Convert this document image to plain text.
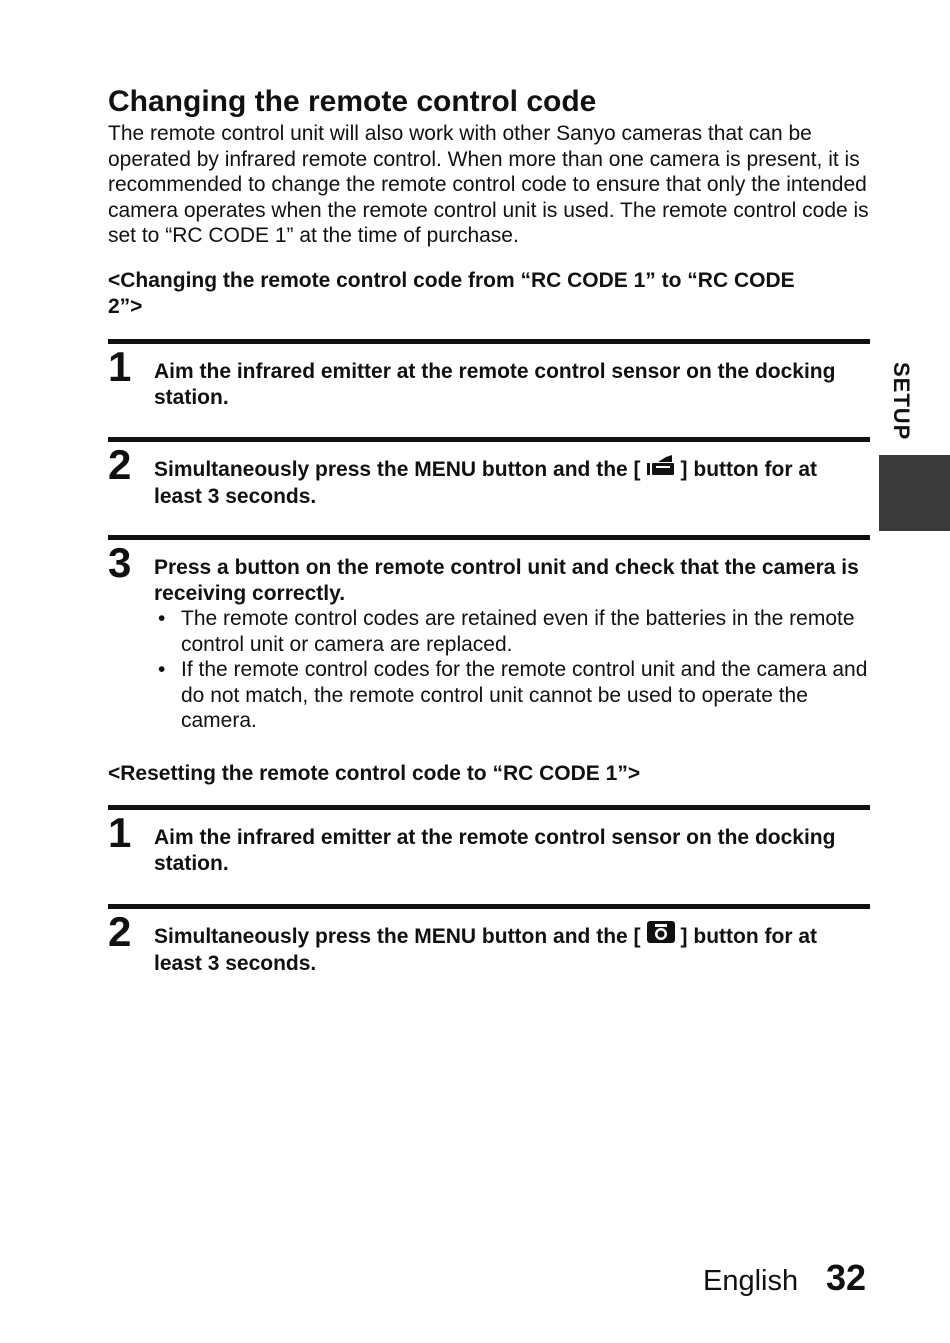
Changing the remote control code

The remote control unit will also work with other Sanyo cameras that can be operated by infrared remote control. When more than one camera is present, it is recommended to change the remote control code to ensure that only the intended camera operates when the remote control unit is used. The remote control code is set to “RC CODE 1” at the time of purchase.

<Changing the remote control code from “RC CODE 1” to “RC CODE 2”>

1 Aim the infrared emitter at the remote control sensor on the docking station.

2 Simultaneously press the MENU button and the [ ] button for at least 3 seconds.

3 Press a button on the remote control unit and check that the camera is receiving correctly.

• The remote control codes are retained even if the batteries in the remote control unit or camera are replaced.
• If the remote control codes for the remote control unit and the camera and do not match, the remote control unit cannot be used to operate the camera.

<Resetting the remote control code to “RC CODE 1”>

1 Aim the infrared emitter at the remote control sensor on the docking station.

2 Simultaneously press the MENU button and the [ ] button for at least 3 seconds.

SETUP
English 32
